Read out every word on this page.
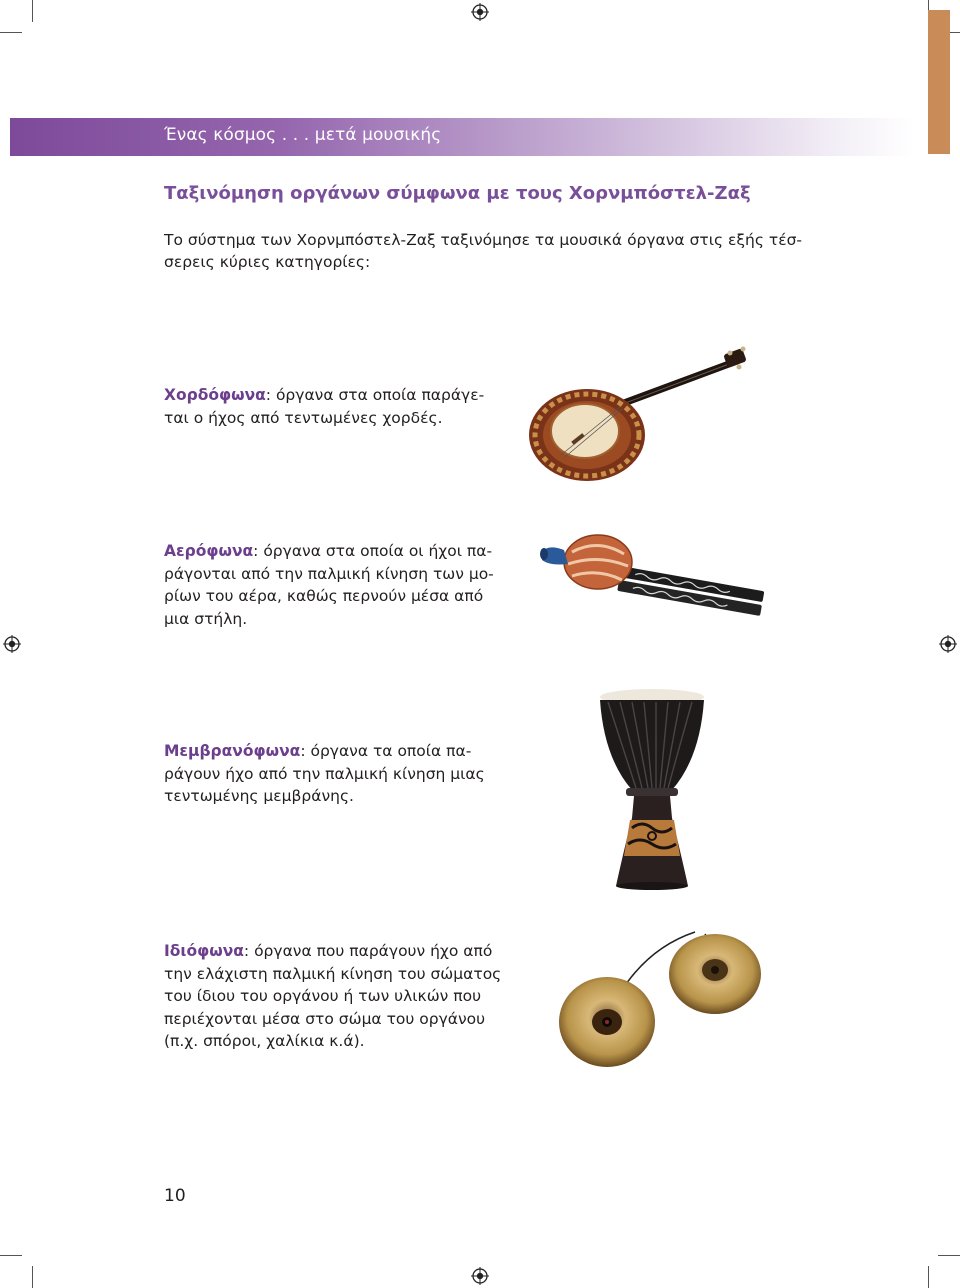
Ένας κόσμος . . . μετά μουσικής
Ταξινόμηση οργάνων σύμφωνα με τους Χορνμπόστελ-Ζαξ
Το σύστημα των Χορνμπόστελ-Ζαξ ταξινόμησε τα μουσικά όργανα στις εξής τέσ-
σερεις κύριες κατηγορίες:
Χορδόφωνα: όργανα στα οποία παράγε-
ται ο ήχος από τεντωμένες χορδές.
Αερόφωνα: όργανα στα οποία οι ήχοι πα-
ράγονται από την παλμική κίνηση των μο-
ρίων του αέρα, καθώς περνούν μέσα από
μια στήλη.
Μεμβρανόφωνα: όργανα τα οποία πα-
ράγουν ήχο από την παλμική κίνηση μιας
τεντωμένης μεμβράνης.
Ιδιόφωνα: όργανα που παράγουν ήχο από
την ελάχιστη παλμική κίνηση του σώματος
του ίδιου του οργάνου ή των υλικών που
περιέχονται μέσα στο σώμα του οργάνου
(π.χ. σπόροι, χαλίκια κ.ά).
10
